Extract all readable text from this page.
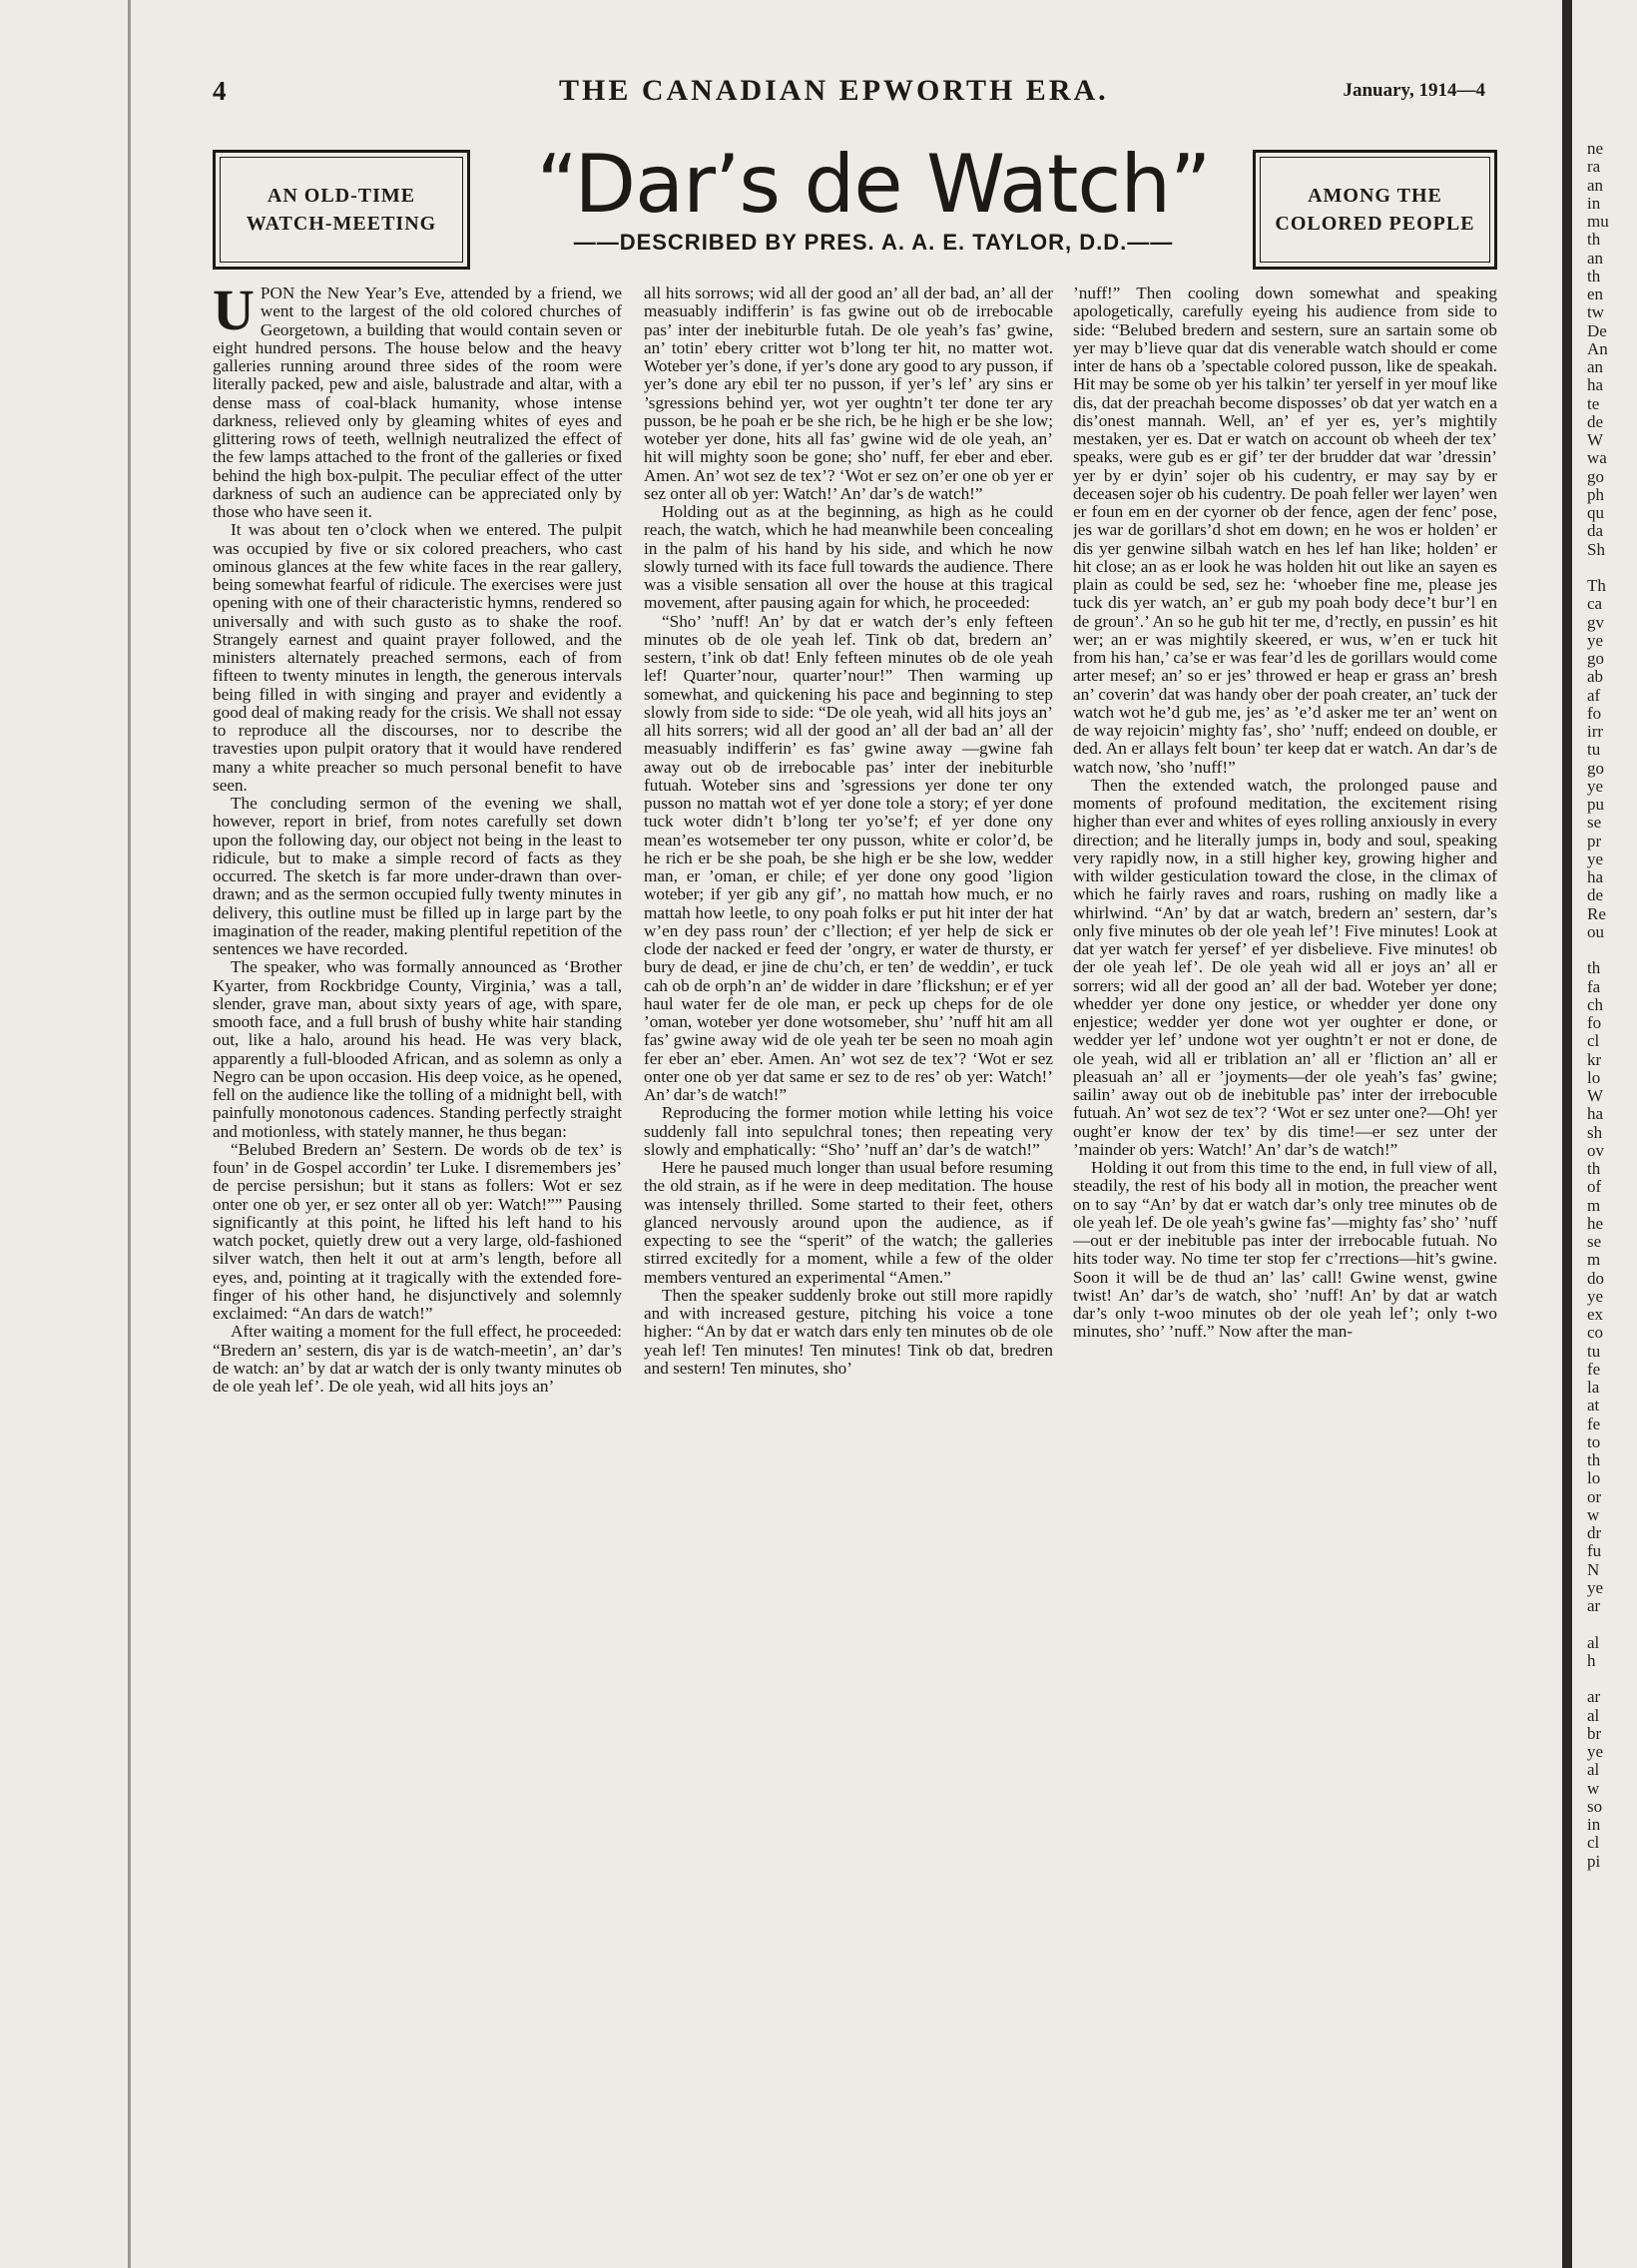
4	THE CANADIAN EPWORTH ERA.	January, 1914—4
AN OLD-TIME
WATCH-MEETING “Dar’s de Watch”
——DESCRIBED BY PRES. A. A. E. TAYLOR, D.D.——
AMONG THE
COLORED PEOPLE

UPON the New Year’s Eve, attended by a friend, we went to the largest of the old colored churches of Georgetown, a building that would contain seven or eight hundred persons. The house below and the heavy galleries running around three sides of the room were literally packed, pew and aisle, balustrade and altar, with a dense mass of coal-black humanity, whose intense darkness, relieved only by gleaming whites of eyes and glittering rows of teeth, wellnigh neutralized the effect of the few lamps attached to the front of the galleries or fixed behind the high box-pulpit. The peculiar effect of the utter darkness of such an audience can be appreciated only by those who have seen it.

It was about ten o’clock when we entered. The pulpit was occupied by five or six colored preachers, who cast ominous glances at the few white faces in the rear gallery, being somewhat fearful of ridicule. The exercises were just opening with one of their characteristic hymns, rendered so universally and with such gusto as to shake the roof. Strangely earnest and quaint prayer followed, and the ministers alternately preached sermons, each of from fifteen to twenty minutes in length, the generous intervals being filled in with singing and prayer and evidently a good deal of making ready for the crisis. We shall not essay to reproduce all the discourses, nor to describe the travesties upon pulpit oratory that it would have rendered many a white preacher so much personal benefit to have seen.

The concluding sermon of the evening we shall, however, report in brief, from notes carefully set down upon the following day, our object not being in the least to ridicule, but to make a simple record of facts as they occurred. The sketch is far more under-drawn than over-drawn; and as the sermon occupied fully twenty minutes in delivery, this outline must be filled up in large part by the imagination of the reader, making plentiful repetition of the sentences we have recorded.

The speaker, who was formally announced as ‘Brother Kyarter, from Rockbridge County, Virginia,’ was a tall, slender, grave man, about sixty years of age, with spare, smooth face, and a full brush of bushy white hair standing out, like a halo, around his head. He was very black, apparently a full-blooded African, and as solemn as only a Negro can be upon occasion. His deep voice, as he opened, fell on the audience like the tolling of a midnight bell, with painfully monotonous cadences. Standing perfectly straight and motionless, with stately manner, he thus began:

“Belubed Bredern an’ Sestern. De words ob de tex’ is foun’ in de Gospel accordin’ ter Luke. I disremembers jes’ de percise persishun; but it stans as follers: Wot er sez onter one ob yer, er sez onter all ob yer: Watch!”” Pausing significantly at this point, he lifted his left hand to his watch pocket, quietly drew out a very large, old-fashioned silver watch, then helt it out at arm’s length, before all eyes, and, pointing at it tragically with the extended fore-finger of his other hand, he disjunctively and solemnly exclaimed: “An dars de watch!”

After waiting a moment for the full effect, he proceeded: “Bredern an’ sestern, dis yar is de watch-meetin’, an’ dar’s de watch: an’ by dat ar watch der is only twanty minutes ob de ole yeah lef’. De ole yeah, wid all hits joys an’

all hits sorrows; wid all der good an’ all der bad, an’ all der measuably indifferin’ is fas gwine out ob de irrebocable pas’ inter der inebiturble futah. De ole yeah’s fas’ gwine, an’ totin’ ebery critter wot b’long ter hit, no matter wot. Woteber yer’s done, if yer’s done ary good to ary pusson, if yer’s done ary ebil ter no pusson, if yer’s lef’ ary sins er ’sgressions behind yer, wot yer oughtn’t ter done ter ary pusson, be he poah er be she rich, be he high er be she low; woteber yer done, hits all fas’ gwine wid de ole yeah, an’ hit will mighty soon be gone; sho’ nuff, fer eber and eber. Amen. An’ wot sez de tex’? ‘Wot er sez on’er one ob yer er sez onter all ob yer: Watch!’ An’ dar’s de watch!”

Holding out as at the beginning, as high as he could reach, the watch, which he had meanwhile been concealing in the palm of his hand by his side, and which he now slowly turned with its face full towards the audience. There was a visible sensation all over the house at this tragical movement, after pausing again for which, he proceeded:

“Sho’ ’nuff! An’ by dat er watch der’s enly fefteen minutes ob de ole yeah lef. Tink ob dat, bredern an’ sestern, t’ink ob dat! Enly fefteen minutes ob de ole yeah lef! Quarter’nour, quarter’nour!” Then warming up somewhat, and quickening his pace and beginning to step slowly from side to side: “De ole yeah, wid all hits joys an’ all hits sorrers; wid all der good an’ all der bad an’ all der measuably indifferin’ es fas’ gwine away —gwine fah away out ob de irrebocable pas’ inter der inebiturble futuah. Woteber sins and ’sgressions yer done ter ony pusson no mattah wot ef yer done tole a story; ef yer done tuck woter didn’t b’long ter yo’se’f; ef yer done ony mean’es wotsemeber ter ony pusson, white er color’d, be he rich er be she poah, be she high er be she low, wedder man, er ’oman, er chile; ef yer done ony good ’ligion woteber; if yer gib any gif’, no mattah how much, er no mattah how leetle, to ony poah folks er put hit inter der hat w’en dey pass roun’ der c’llection; ef yer help de sick er clode der nacked er feed der ’ongry, er water de thursty, er bury de dead, er jine de chu’ch, er ten’ de weddin’, er tuck cah ob de orph’n an’ de widder in dare ’flickshun; er ef yer haul water fer de ole man, er peck up cheps for de ole ’oman, woteber yer done wotsomeber, shu’ ’nuff hit am all fas’ gwine away wid de ole yeah ter be seen no moah agin fer eber an’ eber. Amen. An’ wot sez de tex’? ‘Wot er sez onter one ob yer dat same er sez to de res’ ob yer: Watch!’ An’ dar’s de watch!”

Reproducing the former motion while letting his voice suddenly fall into sepulchral tones; then repeating very slowly and emphatically: “Sho’ ’nuff an’ dar’s de watch!”

Here he paused much longer than usual before resuming the old strain, as if he were in deep meditation. The house was intensely thrilled. Some started to their feet, others glanced nervously around upon the audience, as if expecting to see the “sperit” of the watch; the galleries stirred excitedly for a moment, while a few of the older members ventured an experimental “Amen.”

Then the speaker suddenly broke out still more rapidly and with increased gesture, pitching his voice a tone higher: “An by dat er watch dars enly ten minutes ob de ole yeah lef! Ten minutes! Ten minutes! Tink ob dat, bredren and sestern! Ten minutes, sho’

’nuff!” Then cooling down somewhat and speaking apologetically, carefully eyeing his audience from side to side: “Belubed bredern and sestern, sure an sartain some ob yer may b’lieve quar dat dis venerable watch should er come inter de hans ob a ’spectable colored pusson, like de speakah. Hit may be some ob yer his talkin’ ter yerself in yer mouf like dis, dat der preachah become disposses’ ob dat yer watch en a dis’onest mannah. Well, an’ ef yer es, yer’s mightily mestaken, yer es. Dat er watch on account ob wheeh der tex’ speaks, were gub es er gif’ ter der brudder dat war ’dressin’ yer by er dyin’ sojer ob his cudentry, er may say by er deceasen sojer ob his cudentry. De poah feller wer layen’ wen er foun em en der cyorner ob der fence, agen der fenc’ pose, jes war de gorillars’d shot em down; en he wos er holden’ er dis yer genwine silbah watch en hes lef han like; holden’ er hit close; an as er look he was holden hit out like an sayen es plain as could be sed, sez he: ‘whoeber fine me, please jes tuck dis yer watch, an’ er gub my poah body dece’t bur’l en de groun’.’ An so he gub hit ter me, d’rectly, en pussin’ es hit wer; an er was mightily skeered, er wus, w’en er tuck hit from his han,’ ca’se er was fear’d les de gorillars would come arter mesef; an’ so er jes’ throwed er heap er grass an’ bresh an’ coverin’ dat was handy ober der poah creater, an’ tuck der watch wot he’d gub me, jes’ as ’e’d asker me ter an’ went on de way rejoicin’ mighty fas’, sho’ ’nuff; endeed on double, er ded. An er allays felt boun’ ter keep dat er watch. An dar’s de watch now, ’sho ’nuff!”

Then the extended watch, the prolonged pause and moments of profound meditation, the excitement rising higher than ever and whites of eyes rolling anxiously in every direction; and he literally jumps in, body and soul, speaking very rapidly now, in a still higher key, growing higher and with wilder gesticulation toward the close, in the climax of which he fairly raves and roars, rushing on madly like a whirlwind. “An’ by dat ar watch, bredern an’ sestern, dar’s only five minutes ob der ole yeah lef’! Five minutes! Look at dat yer watch fer yersef’ ef yer disbelieve. Five minutes! ob der ole yeah lef’. De ole yeah wid all er joys an’ all er sorrers; wid all der good an’ all der bad. Woteber yer done; whedder yer done ony jestice, or whedder yer done ony enjestice; wedder yer done wot yer oughter er done, or wedder yer lef’ undone wot yer oughtn’t er not er done, de ole yeah, wid all er triblation an’ all er ’fliction an’ all er pleasuah an’ all er ’joyments—der ole yeah’s fas’ gwine; sailin’ away out ob de inebituble pas’ inter der irrebocuble futuah. An’ wot sez de tex’? ‘Wot er sez unter one?—Oh! yer ought’er know der tex’ by dis time!—er sez unter der ’mainder ob yers: Watch!’ An’ dar’s de watch!”

Holding it out from this time to the end, in full view of all, steadily, the rest of his body all in motion, the preacher went on to say “An’ by dat er watch dar’s only tree minutes ob de ole yeah lef. De ole yeah’s gwine fas’—mighty fas’ sho’ ’nuff—out er der inebituble pas inter der irrebocable futuah. No hits toder way. No time ter stop fer c’rrections—hit’s gwine. Soon it will be de thud an’ las’ call! Gwine wenst, gwine twist! An’ dar’s de watch, sho’ ’nuff! An’ by dat ar watch dar’s only t-woo minutes ob der ole yeah lef’; only t-wo minutes, sho’ ’nuff.” Now after the man-

ne
ra
an
in
mu
th
an
th
en
tw
De
An
an
ha
te
de
W
wa
go
ph
qu
da
Sh
Th
ca
gv
ye
go
ab
af
fo
irr
tu
go
ye
pu
se
pr
ye
ha
de
Re
ou
th
fa
ch
fo
cl
kr
lo
W
ha
sh
ov
th
of
m
he
se
m
do
ye
ex
co
tu
fe
la
at
fe
to
th
lo
or
w
dr
fu
N
ye
ar
al
h
ar
al
br
ye
al
w
so
in
cl
pi
